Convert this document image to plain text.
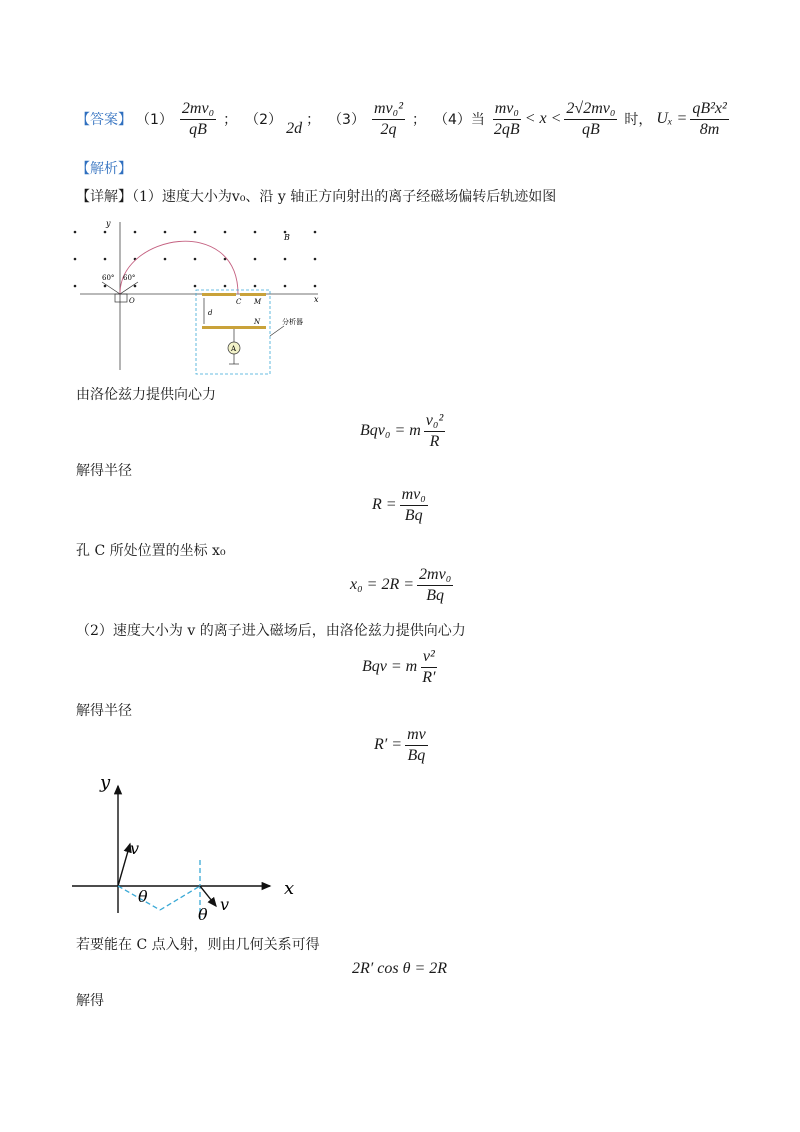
【答案】 $(1) \frac{\text{2mv₀}}{qB}$ ； （2） 2d ； $(3) \frac{\text{mv₀²}}{2q}$ ； （4）当 $\frac{\text{mv₀}}{2qB} < x < \frac{\text{2√2mv₀}}{qB}$ 时， $U_x = \frac{\text{qB²x²}}{8m}$
【解析】
【详解】（1）速度大小为v₀、沿 y 轴正方向射出的离子经磁场偏转后轨迹如图
y
x
B
60° 60°
O	C M
N
d
A
分析器
由洛伦兹力提供向心力
Bqv₀ = m $\frac{\text{v₀²}}{R}$
解得半径
$R = \frac{\text{mv₀}}{Bq}$
孔 C 所处位置的坐标 x₀
$x_0 = 2R = \frac{\text{2mv₀}}{Bq}$
（2）速度大小为 v 的离子进入磁场后，由洛伦兹力提供向心力
Bqv = m $\frac{\text{v²}}{R'}$
解得半径
$R' = \frac{mv}{Bq}$
y
x
v
θ
θ
v
若要能在 C 点入射，则由几何关系可得
2R′ cos θ = 2R
解得
